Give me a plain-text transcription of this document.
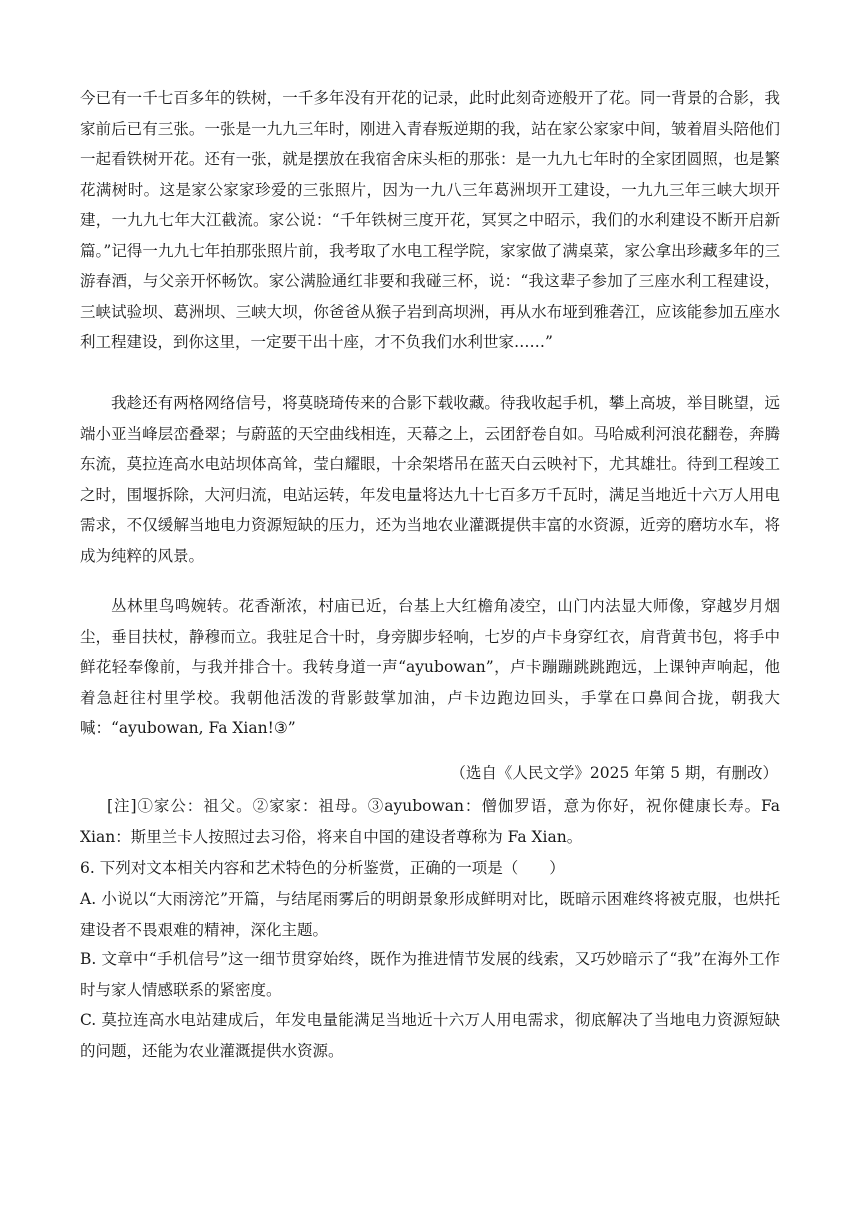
今已有一千七百多年的铁树，一千多年没有开花的记录，此时此刻奇迹般开了花。同一背景的合影，我家前后已有三张。一张是一九九三年时，刚进入青春叛逆期的我，站在家公家家中间，皱着眉头陪他们一起看铁树开花。还有一张，就是摆放在我宿舍床头柜的那张：是一九九七年时的全家团圆照，也是繁花满树时。这是家公家家珍爱的三张照片，因为一九八三年葛洲坝开工建设，一九九三年三峡大坝开建，一九九七年大江截流。家公说：“千年铁树三度开花，冥冥之中昭示，我们的水利建设不断开启新篇。”记得一九九七年拍那张照片前，我考取了水电工程学院，家家做了满桌菜，家公拿出珍藏多年的三游春酒，与父亲开怀畅饮。家公满脸通红非要和我碰三杯，说：“我这辈子参加了三座水利工程建设，三峡试验坝、葛洲坝、三峡大坝，你爸爸从猴子岩到高坝洲，再从水布垭到雅砻江，应该能参加五座水利工程建设，到你这里，一定要干出十座，才不负我们水利世家……”

我趁还有两格网络信号，将莫晓琦传来的合影下载收藏。待我收起手机，攀上高坡，举目眺望，远端小亚当峰层峦叠翠；与蔚蓝的天空曲线相连，天幕之上，云团舒卷自如。马哈威利河浪花翻卷，奔腾东流，莫拉连高水电站坝体高耸，莹白耀眼，十余架塔吊在蓝天白云映衬下，尤其雄壮。待到工程竣工之时，围堰拆除，大河归流，电站运转，年发电量将达九十七百多万千瓦时，满足当地近十六万人用电需求，不仅缓解当地电力资源短缺的压力，还为当地农业灌溉提供丰富的水资源，近旁的磨坊水车，将成为纯粹的风景。

丛林里鸟鸣婉转。花香渐浓，村庙已近，台基上大红檐角凌空，山门内法显大师像，穿越岁月烟尘，垂目扶杖，静穆而立。我驻足合十时，身旁脚步轻响，七岁的卢卡身穿红衣，肩背黄书包，将手中鲜花轻奉像前，与我并排合十。我转身道一声“ayubowan”，卢卡蹦蹦跳跳跑远，上课钟声响起，他着急赶往村里学校。我朝他活泼的背影鼓掌加油，卢卡边跑边回头，手掌在口鼻间合拢，朝我大喊：“ayubowan, Fa Xian!③”

（选自《人民文学》2025 年第 5 期，有删改）

[注]①家公：祖父。②家家：祖母。③ayubowan：僧伽罗语，意为你好，祝你健康长寿。Fa Xian：斯里兰卡人按照过去习俗，将来自中国的建设者尊称为 Fa Xian。

6. 下列对文本相关内容和艺术特色的分析鉴赏，正确的一项是（　　）

A. 小说以“大雨滂沱”开篇，与结尾雨雾后的明朗景象形成鲜明对比，既暗示困难终将被克服，也烘托建设者不畏艰难的精神，深化主题。

B. 文章中“手机信号”这一细节贯穿始终，既作为推进情节发展的线索，又巧妙暗示了“我”在海外工作时与家人情感联系的紧密度。

C. 莫拉连高水电站建成后，年发电量能满足当地近十六万人用电需求，彻底解决了当地电力资源短缺的问题，还能为农业灌溉提供水资源。
